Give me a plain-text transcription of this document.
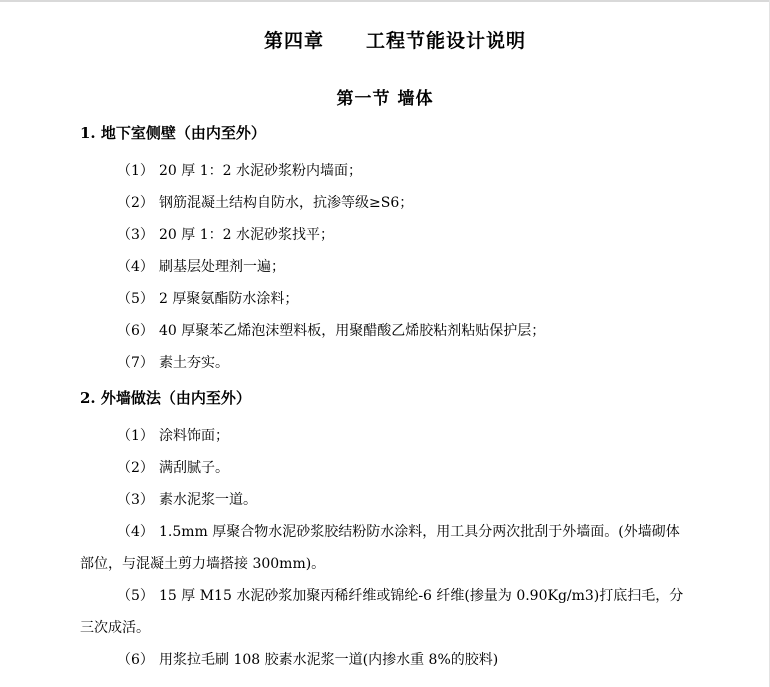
第四章 工程节能设计说明
第一节 墙体
1. 地下室侧壁（由内至外）
（1） 20 厚 1：2 水泥砂浆粉内墙面；
（2） 钢筋混凝土结构自防水，抗渗等级≥S6；
（3） 20 厚 1：2 水泥砂浆找平；
（4） 刷基层处理剂一遍；
（5） 2 厚聚氨酯防水涂料；
（6） 40 厚聚苯乙烯泡沫塑料板，用聚醋酸乙烯胶粘剂粘贴保护层；
（7） 素土夯实。
2. 外墙做法（由内至外）
（1） 涂料饰面；
（2） 满刮腻子。
（3） 素水泥浆一道。
（4） 1.5mm 厚聚合物水泥砂浆胶结粉防水涂料，用工具分两次批刮于外墙面。(外墙砌体部位，与混凝土剪力墙搭接 300mm)。
（5） 15 厚 M15 水泥砂浆加聚丙稀纤维或锦纶-6 纤维(掺量为 0.90Kg/m3)打底扫毛，分三次成活。
（6） 用浆拉毛刷 108 胶素水泥浆一道(内掺水重 8%的胶料)
